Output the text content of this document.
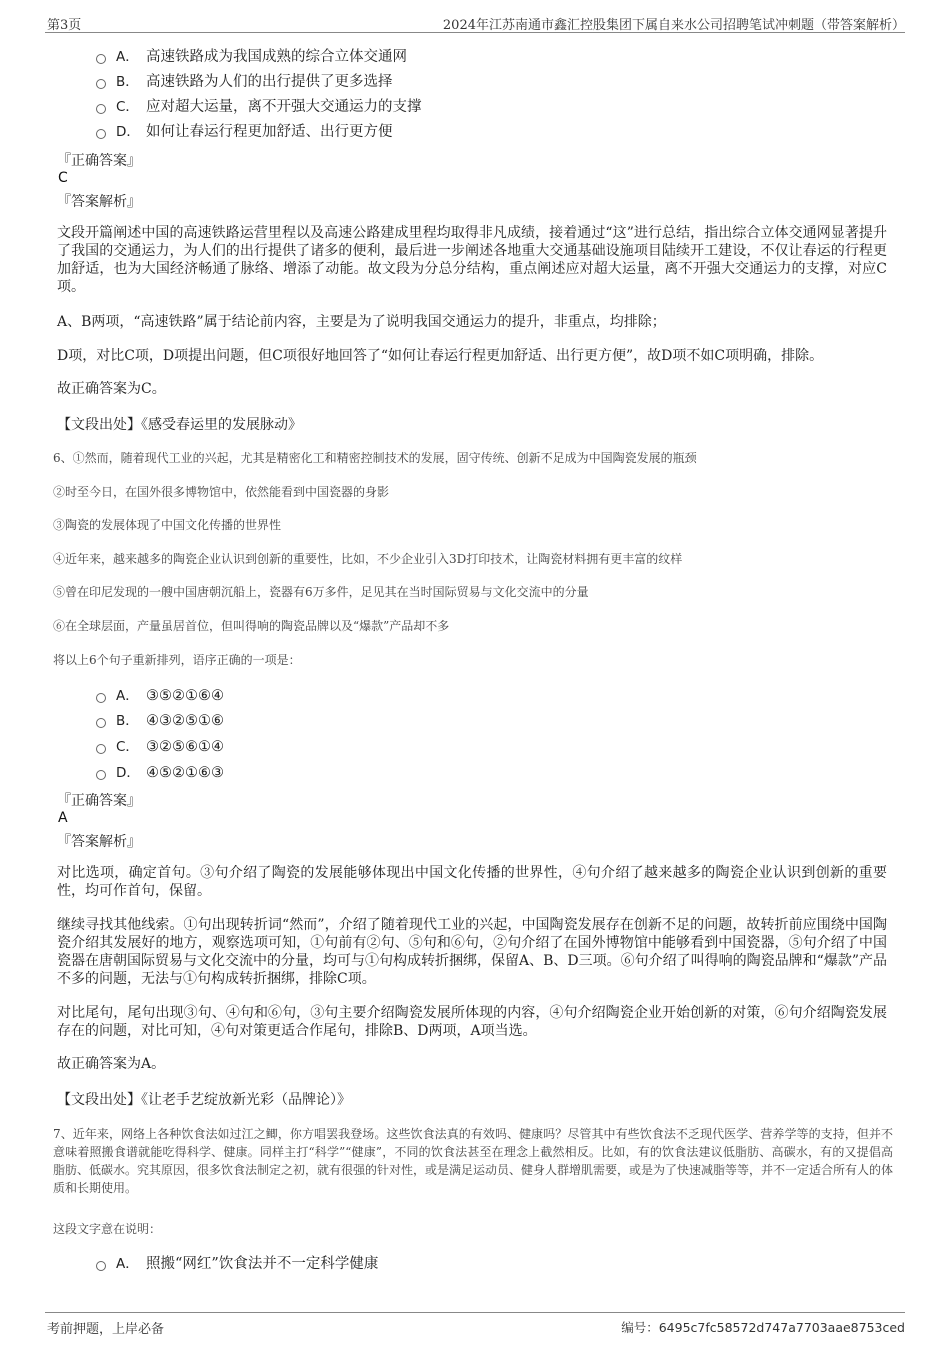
第3页	2024年江苏南通市鑫汇控股集团下属自来水公司招聘笔试冲刺题（带答案解析）
A． 高速铁路成为我国成熟的综合立体交通网
B． 高速铁路为人们的出行提供了更多选择
C． 应对超大运量，离不开强大交通运力的支撑
D． 如何让春运行程更加舒适、出行更方便
『正确答案』
C
『答案解析』
文段开篇阐述中国的高速铁路运营里程以及高速公路建成里程均取得非凡成绩，接着通过“这”进行总结，指出综合立体交通网显著提升了我国的交通运力，为人们的出行提供了诸多的便利，最后进一步阐述各地重大交通基础设施项目陆续开工建设，不仅让春运的行程更加舒适，也为大国经济畅通了脉络、增添了动能。故文段为分总分结构，重点阐述应对超大运量，离不开强大交通运力的支撑，对应C项。
A、B两项，“高速铁路”属于结论前内容，主要是为了说明我国交通运力的提升，非重点，均排除；
D项，对比C项，D项提出问题，但C项很好地回答了“如何让春运行程更加舒适、出行更方便”，故D项不如C项明确，排除。
故正确答案为C。
【文段出处】《感受春运里的发展脉动》
6、①然而，随着现代工业的兴起，尤其是精密化工和精密控制技术的发展，固守传统、创新不足成为中国陶瓷发展的瓶颈
②时至今日，在国外很多博物馆中，依然能看到中国瓷器的身影
③陶瓷的发展体现了中国文化传播的世界性
④近年来，越来越多的陶瓷企业认识到创新的重要性，比如，不少企业引入3D打印技术，让陶瓷材料拥有更丰富的纹样
⑤曾在印尼发现的一艘中国唐朝沉船上，瓷器有6万多件，足见其在当时国际贸易与文化交流中的分量
⑥在全球层面，产量虽居首位，但叫得响的陶瓷品牌以及“爆款”产品却不多
将以上6个句子重新排列，语序正确的一项是：
A． ③⑤②①⑥④
B． ④③②⑤①⑥
C． ③②⑤⑥①④
D． ④⑤②①⑥③
『正确答案』
A
『答案解析』
对比选项，确定首句。③句介绍了陶瓷的发展能够体现出中国文化传播的世界性，④句介绍了越来越多的陶瓷企业认识到创新的重要性，均可作首句，保留。
继续寻找其他线索。①句出现转折词“然而”，介绍了随着现代工业的兴起，中国陶瓷发展存在创新不足的问题，故转折前应围绕中国陶瓷介绍其发展好的地方，观察选项可知，①句前有②句、⑤句和⑥句，②句介绍了在国外博物馆中能够看到中国瓷器，⑤句介绍了中国瓷器在唐朝国际贸易与文化交流中的分量，均可与①句构成转折捆绑，保留A、B、D三项。⑥句介绍了叫得响的陶瓷品牌和“爆款”产品不多的问题，无法与①句构成转折捆绑，排除C项。
对比尾句，尾句出现③句、④句和⑥句，③句主要介绍陶瓷发展所体现的内容，④句介绍陶瓷企业开始创新的对策，⑥句介绍陶瓷发展存在的问题，对比可知，④句对策更适合作尾句，排除B、D两项，A项当选。
故正确答案为A。
【文段出处】《让老手艺绽放新光彩（品牌论）》
7、近年来，网络上各种饮食法如过江之鲫，你方唱罢我登场。这些饮食法真的有效吗、健康吗？尽管其中有些饮食法不乏现代医学、营养学等的支持，但并不意味着照搬食谱就能吃得科学、健康。同样主打“科学”“健康”，不同的饮食法甚至在理念上截然相反。比如，有的饮食法建议低脂肪、高碳水，有的又提倡高脂肪、低碳水。究其原因，很多饮食法制定之初，就有很强的针对性，或是满足运动员、健身人群增肌需要，或是为了快速减脂等等，并不一定适合所有人的体质和长期使用。
这段文字意在说明：
A． 照搬“网红”饮食法并不一定科学健康
考前押题，上岸必备	编号：6495c7fc58572d747a7703aae8753ced
